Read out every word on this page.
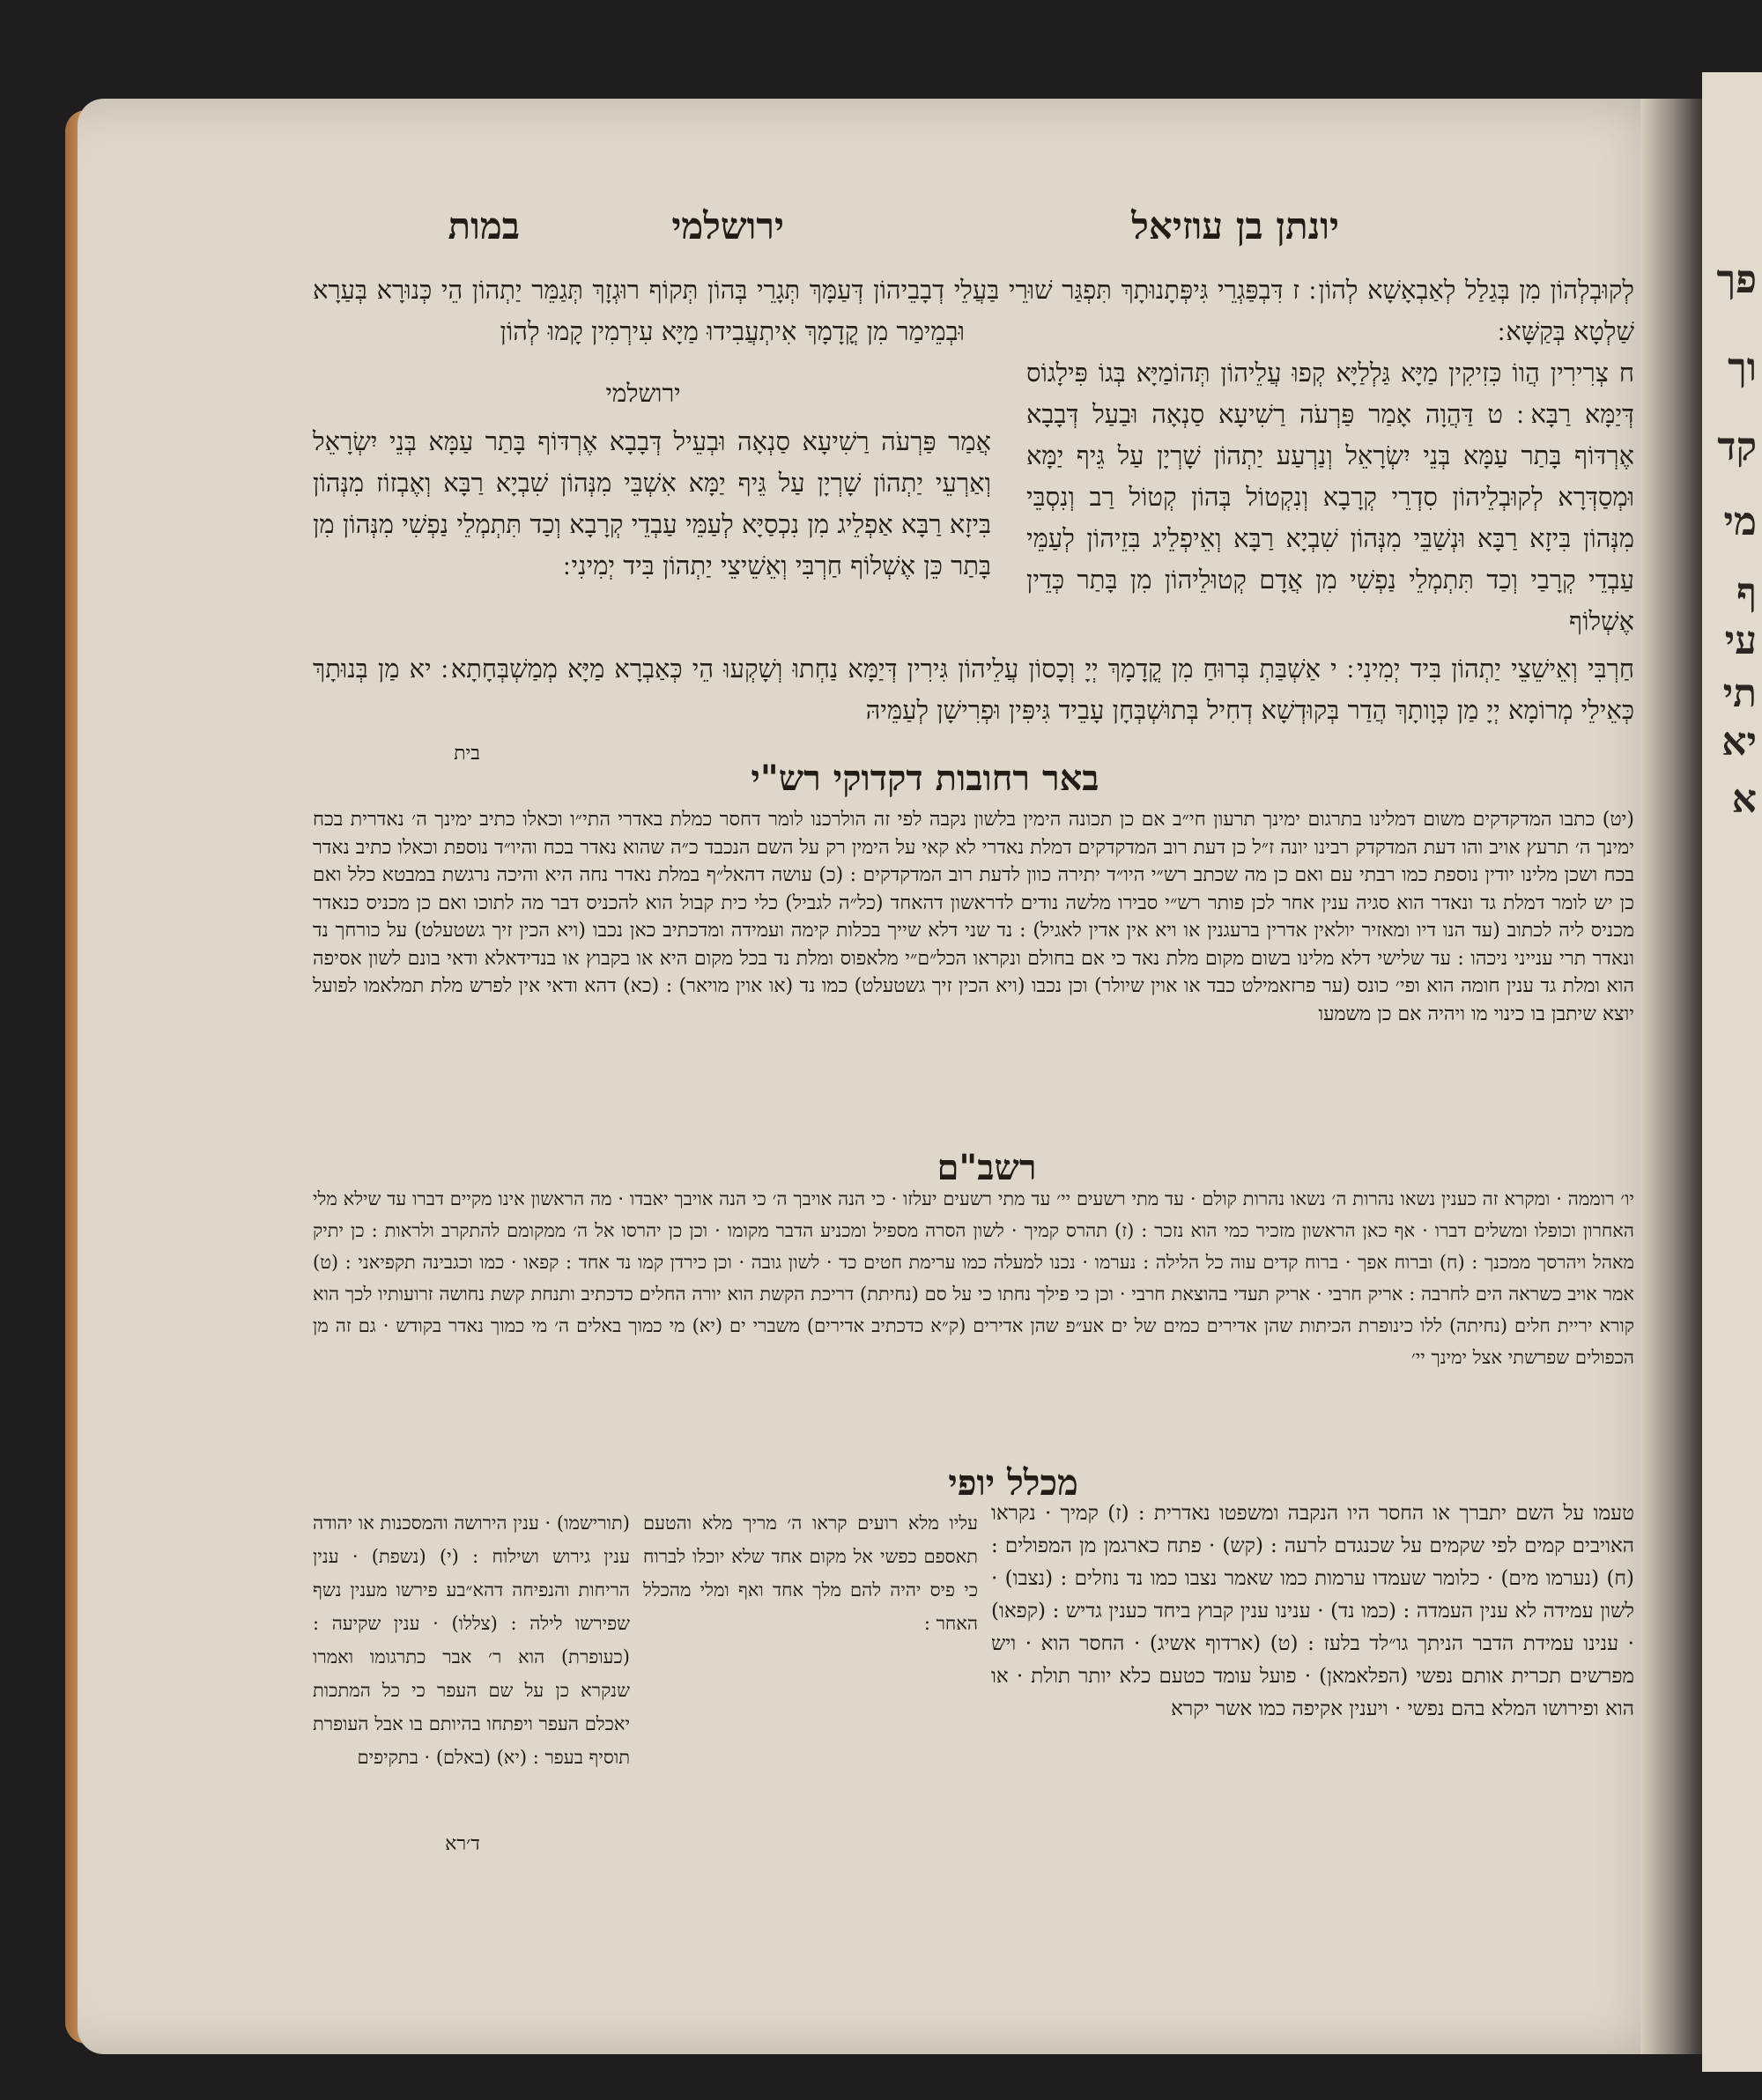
פך
וך
קד
מי
ף
עי
תי
יא
א
יונתן בן עוזיאל
ירושלמי
במות
לְקוּבְלְהוֹן מִן בְּגַלַל לְאַבְאָשָׁא לְהוֹן ׃ ז דִּבְפַּגְרֵי גִּיפְּתָנוּתָךְ תִּפְגַּר שׁוּרֵי בַּעֲלֵי דְבָבֵיהוֹן דְּעַמָּךְ תְּגָרֵי בְּהוֹן תְּקוֹף רוּגְזָךְ תְּגַמֵּר יַתְהוֹן הֵי כְּנוּרָא בְּעַרָא שַׁלְטָא בְּקַשָּׁא ׃
וּבְמֵימַר מִן קֳדָמָךְ אִיתְעֲבִידוּ מַיָּא עִירְמִין קָמוּ לְהוֹן
ח צְרִירִין הֲווֹ כִּזִיקִין מַיָּא גַּלְלַיָּא קְפוּ עֲלֵיהוֹן תְּהוֹמַיָּא בְּגוֹ פִּילָגוֹס דְּיַמָּא רַבָּא ׃ ט דַּהֲוָה אָמַר פַּרְעֹה רַשִׁיעָא סַנְאָה וּבַעַל דְּבָבָא אֶרְדּוֹף בָּתַר עַמָּא בְּנֵי יִשְׂרָאֵל וְנַרְעַע יַתְהוֹן שָׁרְיָן עַל גֵּיף יַמָּא וּמְסַדְּרָא לְקוּבְלֵיהוֹן סִדְרֵי קְרָבָא וְנִקְטוֹל בְּהוֹן קְטוֹל רַב וְנִסְבֵּי מִנְּהוֹן בִּיזָא רַבָּא וּנְשַׁבֵּי מִנְּהוֹן שִׁבְיָא רַבָּא וְאֵיפְלֵיג בִּזֵיהוֹן לְעַמֵּי עַבְדֵי קְרָבַי וְכַד תִּתְמְלֵי נַפְשִׁי מִן אֲדָם קְטוּלֵיהוֹן מִן בָּתַר כְּדֵין אֶשְׁלוֹף
ירושלמי
אֲמַר פַּרְעֹה רַשִׁיעָא סַנְאָה וּבְעֵיל דְּבָבָא אֶרְדּוֹף בָּתַר עַמָּא בְּנֵי יִשְׂרָאֵל וְאַרְעֵי יַתְהוֹן שָׁרְיָן עַל גֵּיף יַמָּא אִשְׁבֵּי מִנְּהוֹן שִׁבְיָא רַבָּא וְאֶבְזוֹז מִנְּהוֹן בִּיזָא רַבָּא אַפְלֵיג מִן נִכְסַיָּא לְעַמֵּי עַבְדֵי קְרָבָא וְכַד תִּתְמְלֵי נַפְשִׁי מִנְּהוֹן מִן בָּתַר כֵּן אֶשְׁלוֹף חַרְבִּי וְאֵשֵׁיצֵי יַתְהוֹן בִּיד יְמִינִי ׃
חַרְבִּי וְאֵישֵׁצֵי יַתְהוֹן בִּיד יְמִינִי ׃ י אַשְׁבַּתְ בְּרוּחַ מִן קֳדָמָךְ יְיָ וְכָסוֹן עֲלֵיהוֹן גִּירִין דְּיַמָּא נַחְתוּ וְשָׁקְעוּ הֵי כְּאַבְרָא מַיָּא מְמַשְׁבְּחָתָא ׃ יא מַן בְּנוּתָךְ כְּאֵילֵי מְרוֹמָא יְיָ מַן כְּוָותָךְ הֲדַר בְּקוּדְשָׁא דְחִיל בְּתוּשְׁבְּחָן עָבֵיד גִּיפִּין וּפְרִישָׁן לְעַמֵּיהּ
בית
באר רחובות דקדוקי רש"י
(יט) כתבו המדקדקים משום דמלינו בתרגום ימינך תרעון חי״ב אם כן תכונה הימין בלשון נקבה לפי זה הולרכנו לומר דחסר כמלת באדרי התי״ו וכאלו כתיב ימינך ה׳ נאדרית בכח ימינך ה׳ תרעץ אויב והו דעת המדקדק רבינו יונה ז״ל כן דעת רוב המדקדקים דמלת נאדרי לא קאי על הימין רק על השם הנכבד כ״ה שהוא נאדר בכח והיו״ד נוספת וכאלו כתיב נאדר בכח ושכן מלינו יודין נוספת כמו רבתי עם ואם כן מה שכתב רש״י היו״ד יתירה כוון לדעת רוב המדקדקים : (כ) עושה דהאל״ף במלת נאדר נחה היא והיכה נרגשת במבטא כלל ואם כן יש לומר דמלת גד ונאדר הוא סגיה ענין אחר לכן פותר רש״י סבירו מלשה נודים לדראשון דהאחד (כל״ה לגביל) כלי כית קבול הוא להכניס דבר מה לתוכו ואם כן מכניס כנאדר מכניס ליה לכתוב (עד הנו דיו ומאזיר יולאין אדרין ברעגנין או ויא אין אדין לאגיל) : נד שני דלא שייך בכלות קימה ועמידה ומדכתיב כאן נכבו (ויא הכין זיך גשטעלט) על כורחך נד ונאדר תרי ענייני ניכהו : עד שלישי דלא מלינו בשום מקום מלת נאד כי אם בחולם ונקראו הכל״ם״י מלאפוס ומלת נד בכל מקום היא או בקבוץ או בנדידאלא ודאי בונם לשון אסיפה הוא ומלת גד ענין חומה הוא ופי׳ כונס (ער פרזאמילט כבד או אוין שיולר) וכן נכבו (ויא הכין זיך גשטעלט) כמו נד (או אוין מויאר) : (כא) דהא ודאי אין לפרש מלת תמלאמו לפועל יוצא שיתבן בו כינוי מו ויהיה אם כן משמעו
רשב"ם
יו׳ רוממה · ומקרא זה כענין נשאו נהרות ה׳ נשאו נהרות קולם · עד מתי רשעים יי׳ עד מתי רשעים יעלזו · כי הנה אויבך ה׳ כי הנה אויבך יאבדו · מה הראשון אינו מקיים דברו עד שילא מלי האחרון וכופלו ומשלים דברו · אף כאן הראשון מזכיר כמי הוא נזכר : (ז) תהרס קמיך · לשון הסרה מספיל ומכניע הדבר מקומו · וכן כן יהרסו אל ה׳ ממקומם להתקרב ולראות : כן יתיק מאהל ויהרסך ממכנך : (ח) וברוח אפך · ברוח קדים עוה כל הלילה : נערמו · נכנו למעלה כמו ערימת חטים כד · לשון גובה · וכן כירדן קמו נד אחד : קפאו · כמו וכגבינה תקפיאני : (ט) אמר אויב כשראה הים לחרבה : אריק חרבי · אריק תעדי בהוצאת חרבי · וכן כי פילך נחתו כי על סם (נחיתת) דריכת הקשת הוא יורה החלים כדכתיב ותנחת קשת נחושה זרועותיו לכך הוא קורא יריית חלים (נחיתה) ללו כינופרת הכיתות שהן אדירים כמים של ים אע״פ שהן אדירים (ק״א כדכתיב אדירים) משברי ים (יא) מי כמוך באלים ה׳ מי כמוך נאדר בקודש · גם זה מן הכפולים שפרשתי אצל ימינך יי׳
מכלל יופי
טעמו על השם יתברך או החסר היו הנקבה ומשפטו נאדרית : (ז) קמיך · נקראו האויבים קמים לפי שקמים על שכנגדם לרעה : (קש) · פתח כארגמן מן המפולים : (ח) (נערמו מים) · כלומר שעמדו ערמות כמו שאמר נצבו כמו נד נוזלים : (נצבו) · לשון עמידה לא ענין העמדה : (כמו נד) · ענינו ענין קבוץ ביחד כענין גדיש : (קפאו) · ענינו עמידת הדבר הניתך גו״לד בלעז : (ט) (ארדוף אשיג) · החסר הוא · ויש מפרשים תכרית אותם נפשי (הפלאמאן) · פועל עומד כטעם כלא יותר תולת · או הוא ופירושו המלא בהם נפשי · ויענין אקיפה כמו אשר יקרא
עליו מלא רועים קראו ה׳ מריך מלא והטעם תאספם כפשי אל מקום אחד שלא יוכלו לברוח כי פיס יהיה להם מלך אחד ואף ומלי מהכלל האחר :
(תורישמו) · ענין הירושה והמסכנות או יהודה ענין גירוש ושילוח : (י) (נשפת) · ענין הריחות והנפיחה דהא״בע פירשו מענין נשף שפירשו לילה : (צללו) · ענין שקיעה : (כעופרת) הוא ר׳ אבר כתרגומו ואמרו שנקרא כן על שם העפר כי כל המתכות יאכלם העפר ויפתחו בהיותם בו אבל העופרת תוסיף בעפר : (יא) (באלם) · בתקיפים
ד׳רא
